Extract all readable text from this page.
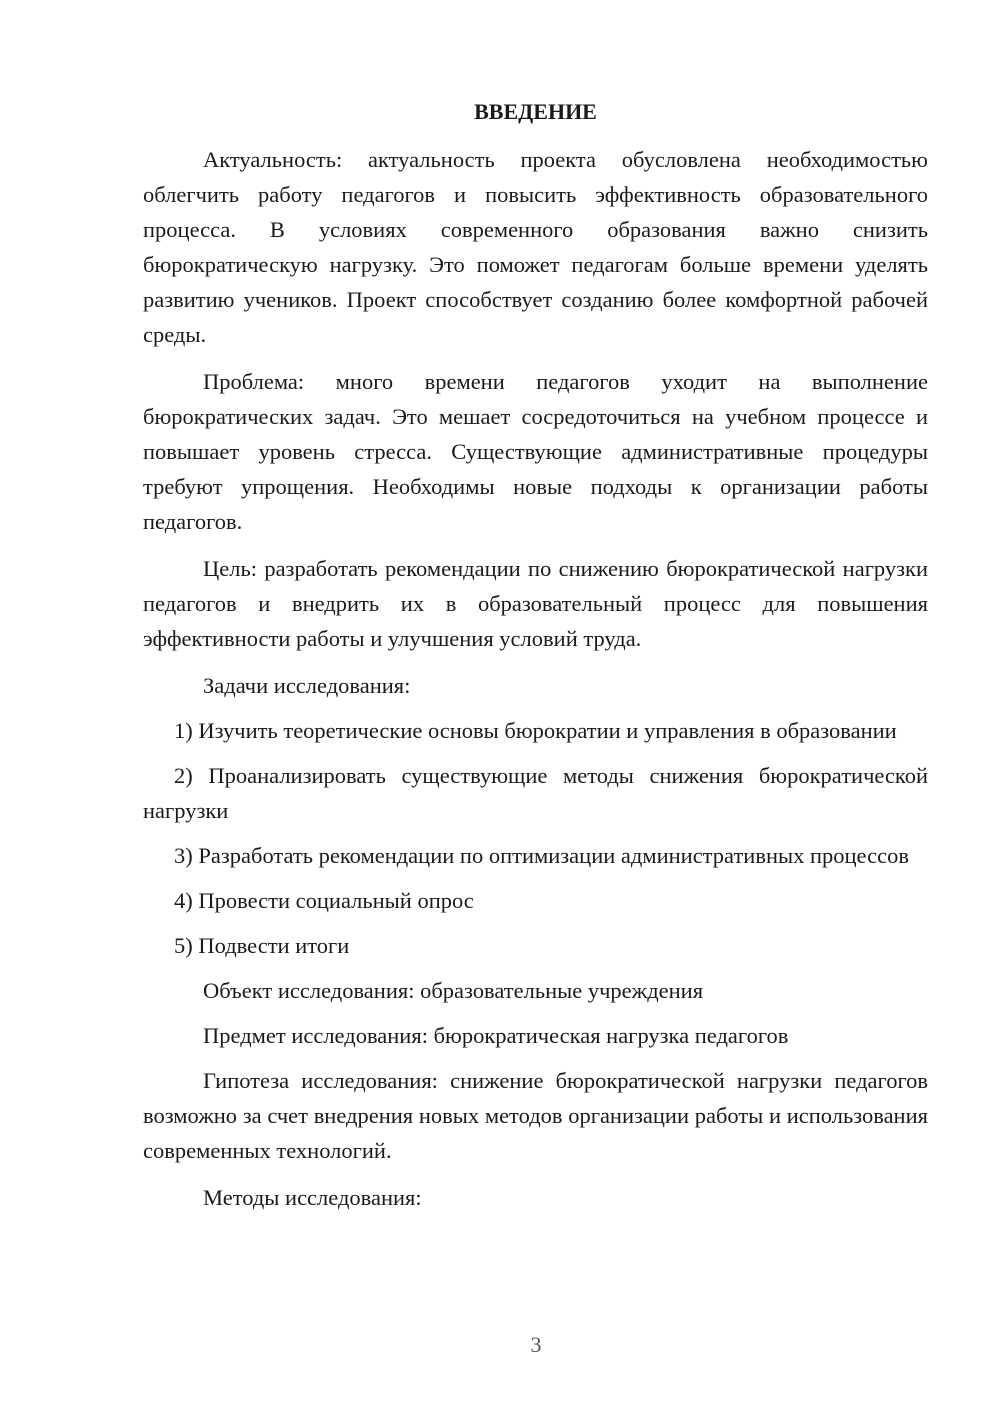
ВВЕДЕНИЕ

Актуальность: актуальность проекта обусловлена необходимостью облегчить работу педагогов и повысить эффективность образовательного процесса. В условиях современного образования важно снизить бюрократическую нагрузку. Это поможет педагогам больше времени уделять развитию учеников. Проект способствует созданию более комфортной рабочей среды.

Проблема: много времени педагогов уходит на выполнение бюрократических задач. Это мешает сосредоточиться на учебном процессе и повышает уровень стресса. Существующие административные процедуры требуют упрощения. Необходимы новые подходы к организации работы педагогов.

Цель: разработать рекомендации по снижению бюрократической нагрузки педагогов и внедрить их в образовательный процесс для повышения эффективности работы и улучшения условий труда.

Задачи исследования:

1) Изучить теоретические основы бюрократии и управления в образовании

2) Проанализировать существующие методы снижения бюрократической нагрузки

3) Разработать рекомендации по оптимизации административных процессов

4) Провести социальный опрос

5) Подвести итоги

Объект исследования: образовательные учреждения

Предмет исследования: бюрократическая нагрузка педагогов

Гипотеза исследования: снижение бюрократической нагрузки педагогов возможно за счет внедрения новых методов организации работы и использования современных технологий.

Методы исследования:

3
